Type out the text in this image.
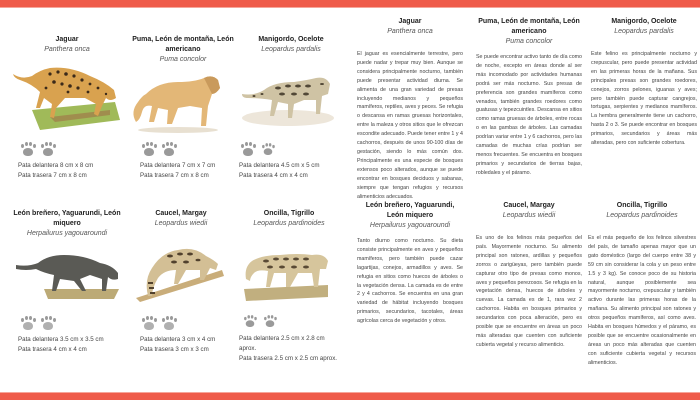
Jaguar
Panthera onca
Pata delantera 8 cm x 8 cm
Pata trasera 7 cm x 8 cm
Puma, León de montaña, León americano
Puma concolor
Pata delantera 7 cm x 7 cm
Pata trasera 7 cm x 8 cm
Manigordo, Ocelote
Leopardus pardalis
Pata delantera 4.5 cm x 5 cm
Pata trasera 4 cm x 4 cm
León breñero, Yaguarundi, León miquero
Herpailurus yagouaroundi
Pata delantera 3.5 cm x 3.5 cm
Pata trasera 4 cm x 4 cm
Caucel, Margay
Leopardus wiedii
Pata delantera 3 cm x 4 cm
Pata trasera 3 cm x 3 cm
Oncilla, Tigrillo
Leopardus pardinoides
Pata delantera 2.5 cm x 2.8 cm aprox.
Pata trasera 2.5 cm x 2.5 cm aprox.
Jaguar
Panthera onca
El jaguar es esencialmente terrestre, pero puede nadar y trepar muy bien. Aunque se considera principalmente nocturno, también puede presentar actividad diurna. Se alimenta de una gran variedad de presas incluyendo medianos y pequeños mamíferos, reptiles, aves y peces. Se refugia o descansa en ramas gruesas horizontales, entre la maleza y otros sitios que le ofrezcan escondite adecuado. Puede tener entre 1 y 4 cachorros, después de unos 90-100 días de gestación, siendo lo más común dos. Principalmente es una especie de bosques extensos poco alterados, aunque se puede encontrar en bosques deciduos y sabanas, siempre que tengan refugios y recursos alimenticios adecuados.
Puma, León de montaña, León americano
Puma concolor
Se puede encontrar activo tanto de día como de noche, excepto en áreas donde al ser más incomodado por actividades humanas podrá ser más nocturno. Sus presas de preferencia son grandes mamíferos como venados, también grandes roedores como guatusas y tepezcuintles. Descansa en sitios como ramas gruesas de árboles, entre rocas o en las gambas de árboles. Las camadas podrían variar entre 1 y 6 cachorros, pero las camadas de muchas crías podrían ser menos frecuentes. Se encuentra en bosques primarios y secundarios de tierras bajas, robledales y el páramo.
Manigordo, Ocelote
Leopardus pardalis
Este felino es principalmente nocturno y crepuscular, pero puede presentar actividad en las primeras horas de la mañana. Sus principales presas son grandes roedores, conejos, zorros pelones, iguanas y aves; pero también puede capturar cangrejos, tortugas, serpientes y medianos mamíferos. La hembra generalmente tiene un cachorro, hasta 2 o 3. Se puede encontrar en bosques primarios, secundarios y áreas más alteradas, pero con suficiente cobertura.
León breñero, Yaguarundi, León miquero
Herpailurus yagouaroundi
Tanto diurno como nocturno. Su dieta consiste principalmente en aves y pequeños mamíferos, pero también puede cazar lagartijas, conejos, armadillos y aves. Se refugia en sitios como huecos de árboles o la vegetación densa. La camada es de entre 2 y 4 cachorros. Se encuentra en una gran variedad de hábitat incluyendo bosques primarios, secundarios, tacotales, áreas agrícolas cerca de vegetación y otros.
Caucel, Margay
Leopardus wiedii
Es uno de los felinos más pequeños del país. Mayormente nocturno. Su alimento principal son ratones, ardillas y pequeños zorros o zarigüeyas, pero también puede capturar otro tipo de presas como monos, aves y pequeños perezosos. Se refugia en la vegetación densa, huecos de árboles y cuevas. La camada es de 1, rara vez 2 cachorros. Habita en bosques primarios y secundarios con poca alteración, pero es posible que se encuentre en áreas un poco más alteradas que cuenten con suficiente cubierta vegetal y recurso alimenticio.
Oncilla, Tigrillo
Leopardus pardinoides
Es el más pequeño de los felinos silvestres del país, de tamaño apenas mayor que un gato doméstico (largo del cuerpo entre 38 y 59 cm sin considerar la cola y un peso entre 1.5 y 3 kg). Se conoce poco de su historia natural, aunque posiblemente sea mayormente nocturno, crepuscular y también activo durante las primeras horas de la mañana. Su alimento principal son ratones y otros pequeños mamíferos, así como aves. Habita en bosques húmedos y el páramo, es posible que se encuentre ocasionalmente en áreas un poco más alteradas que cuenten con suficiente cubierta vegetal y recursos alimenticios.
